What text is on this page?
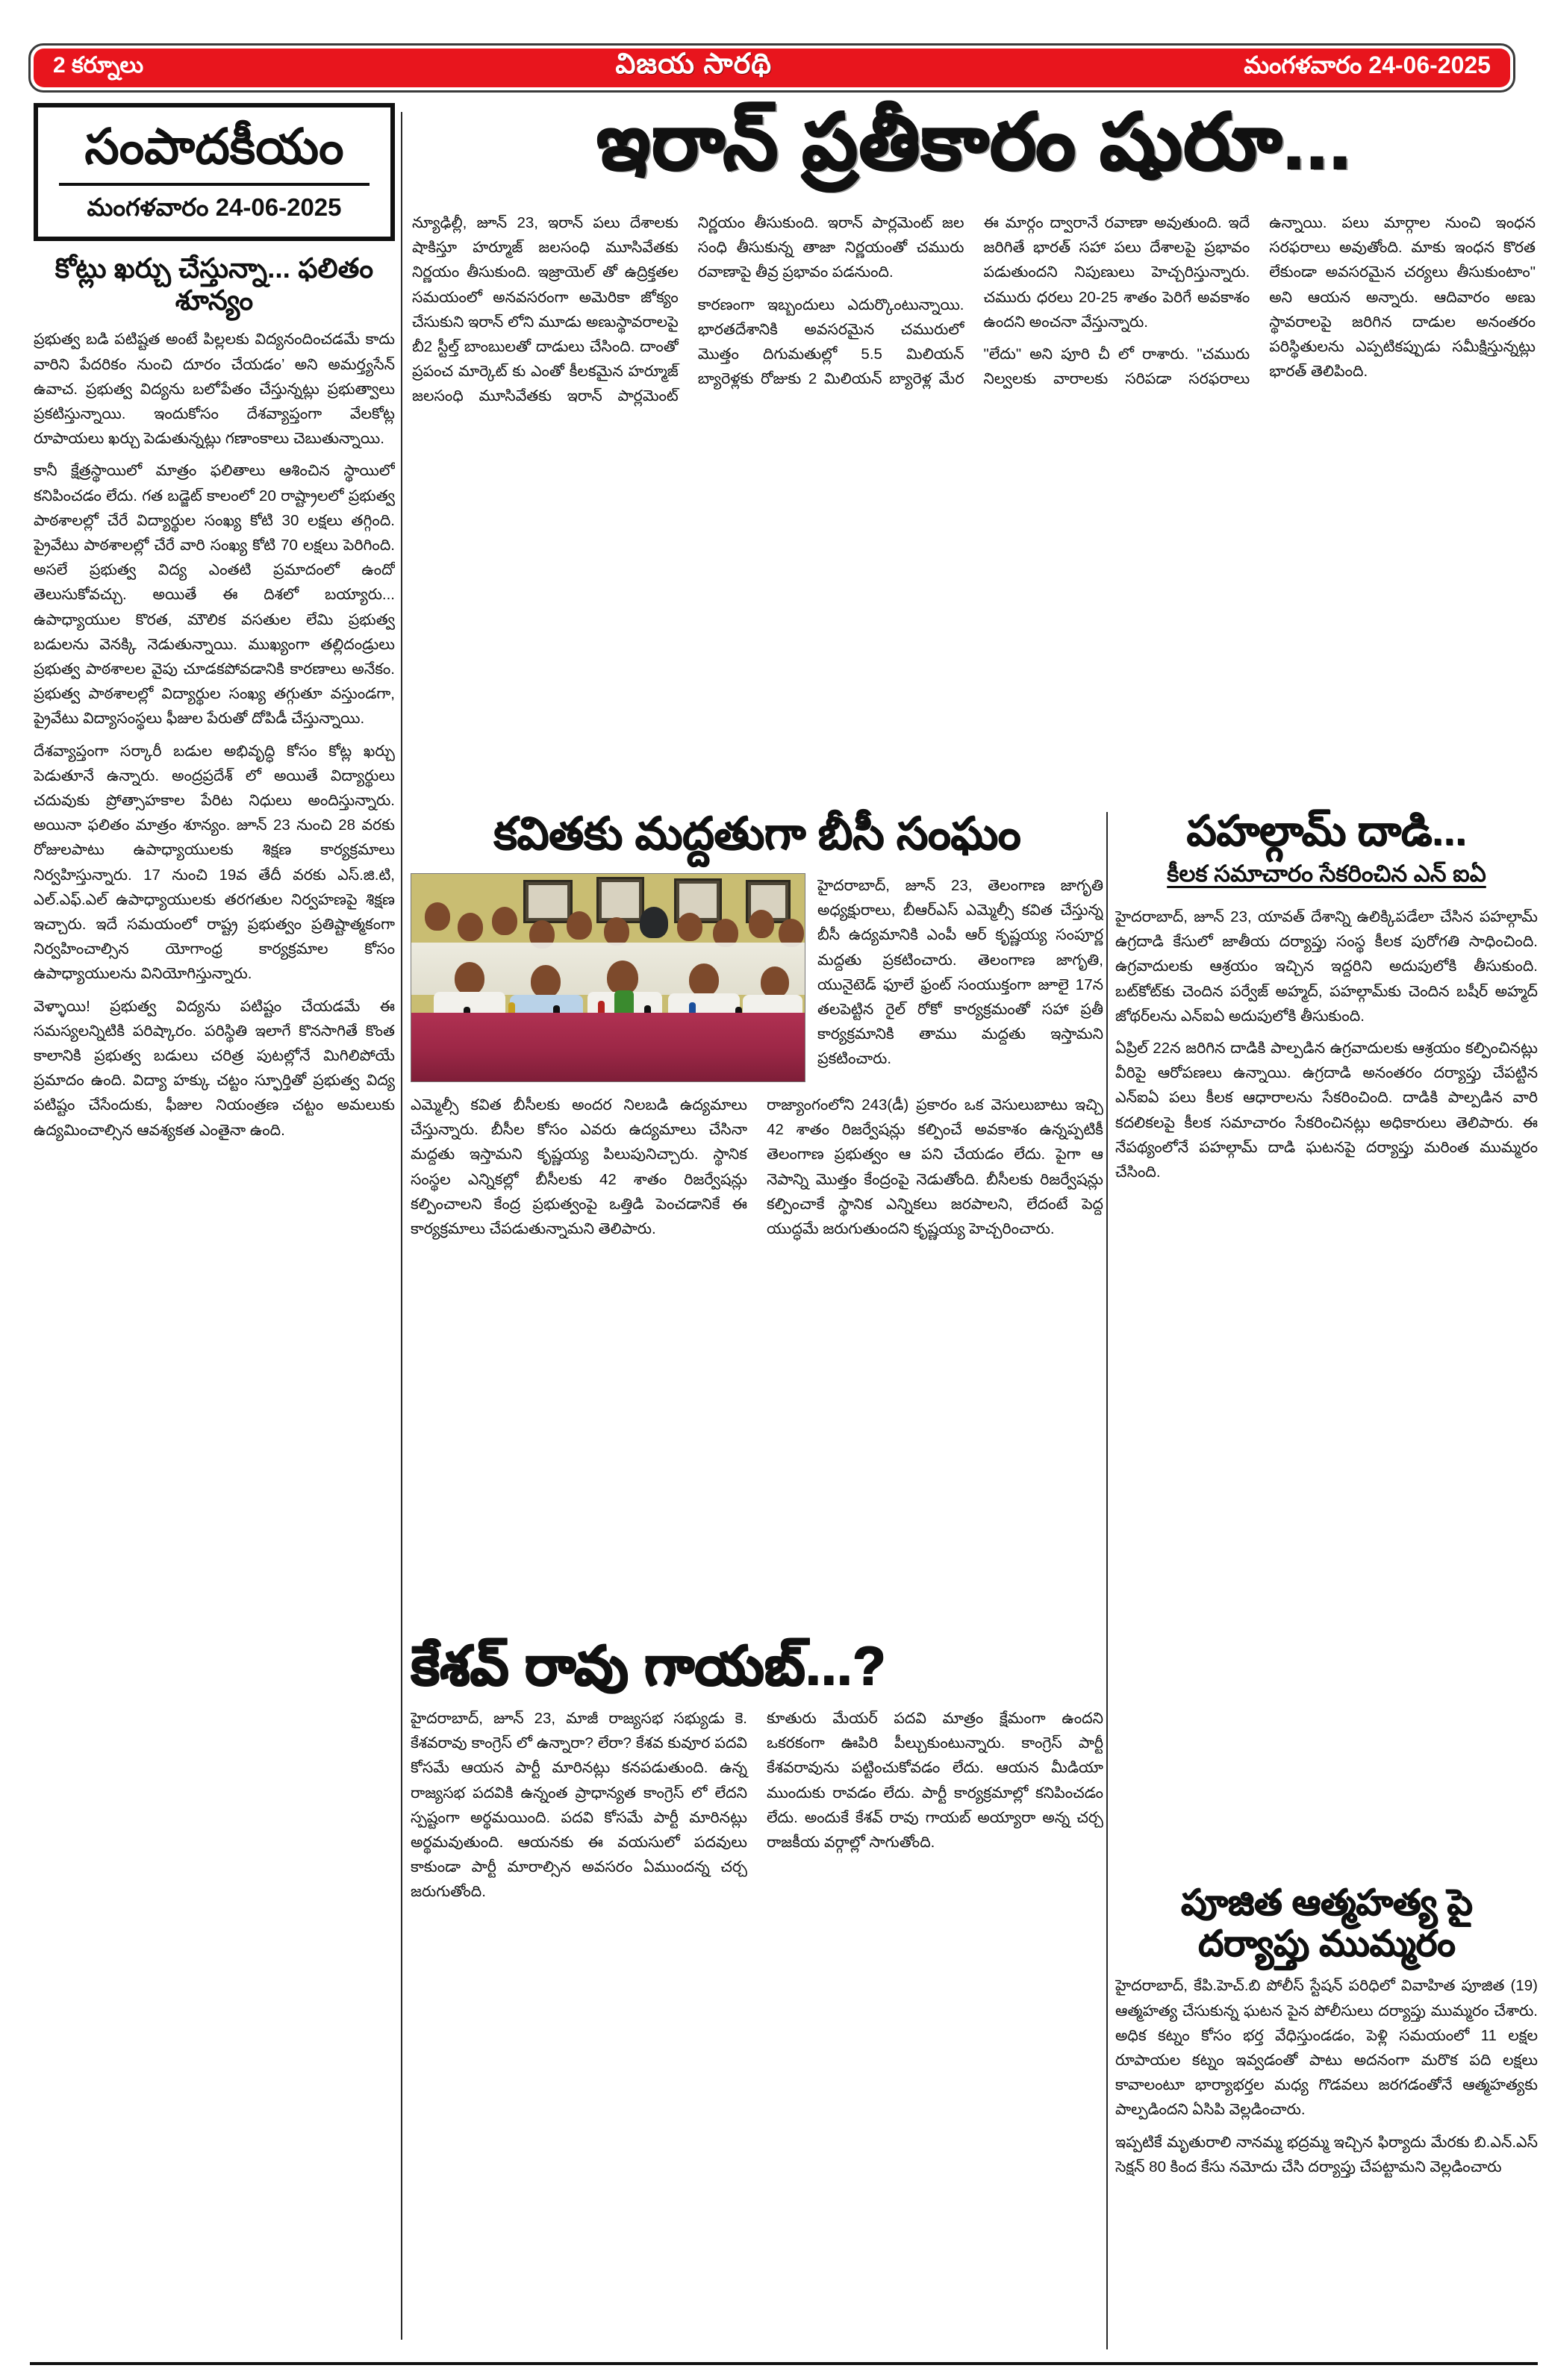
2 కర్నూలు	విజయ సారథి	మంగళవారం 24-06-2025
సంపాదకీయం
మంగళవారం 24-06-2025
కోట్లు ఖర్చు చేస్తున్నా... ఫలితం శూన్యం

ప్రభుత్వ బడి పటిష్టత అంటే పిల్లలకు విద్యనందించడమే కాదు వారిని పేదరికం నుంచి దూరం చేయడం’ అని అమర్త్యసేన్ ఉవాచ. ప్రభుత్వ విద్యను బలోపేతం చేస్తున్నట్లు ప్రభుత్వాలు ప్రకటిస్తున్నాయి. ఇందుకోసం దేశవ్యాప్తంగా వేలకోట్ల రూపాయలు ఖర్చు పెడుతున్నట్లు గణాంకాలు చెబుతున్నాయి.

కానీ క్షేత్రస్థాయిలో మాత్రం ఫలితాలు ఆశించిన స్థాయిలో కనిపించడం లేదు. గత బడ్జెట్ కాలంలో 20 రాష్ట్రాలలో ప్రభుత్వ పాఠశాలల్లో చేరే విద్యార్థుల సంఖ్య కోటి 30 లక్షలు తగ్గింది. ప్రైవేటు పాఠశాలల్లో చేరే వారి సంఖ్య కోటి 70 లక్షలు పెరిగింది. అసలే ప్రభుత్వ విద్య ఎంతటి ప్రమాదంలో ఉందో తెలుసుకోవచ్చు. అయితే ఈ దిశలో బయ్యారు... ఉపాధ్యాయుల కొరత, మౌలిక వసతుల లేమి ప్రభుత్వ బడులను వెనక్కి నెడుతున్నాయి. ముఖ్యంగా తల్లిదండ్రులు ప్రభుత్వ పాఠశాలల వైపు చూడకపోవడానికి కారణాలు అనేకం. ప్రభుత్వ పాఠశాలల్లో విద్యార్థుల సంఖ్య తగ్గుతూ వస్తుండగా, ప్రైవేటు విద్యాసంస్థలు ఫీజుల పేరుతో దోపిడీ చేస్తున్నాయి.

దేశవ్యాప్తంగా సర్కారీ బడుల అభివృద్ధి కోసం కోట్ల ఖర్చు పెడుతూనే ఉన్నారు. అంద్రప్రదేశ్ లో అయితే విద్యార్థులు చదువుకు ప్రోత్సాహకాల పేరిట నిధులు అందిస్తున్నారు. అయినా ఫలితం మాత్రం శూన్యం. జూన్ 23 నుంచి 28 వరకు రోజులపాటు ఉపాధ్యాయులకు శిక్షణ కార్యక్రమాలు నిర్వహిస్తున్నారు. 17 నుంచి 19వ తేదీ వరకు ఎస్.జి.టి, ఎల్.ఎఫ్.ఎల్ ఉపాధ్యాయులకు తరగతుల నిర్వహణపై శిక్షణ ఇచ్చారు. ఇదే సమయంలో రాష్ట్ర ప్రభుత్వం ప్రతిష్టాత్మకంగా నిర్వహించాల్సిన యోగాంధ్ర కార్యక్రమాల కోసం ఉపాధ్యాయులను వినియోగిస్తున్నారు.

వెళ్ళాయి! ప్రభుత్వ విద్యను పటిష్టం చేయడమే ఈ సమస్యలన్నిటికి పరిష్కారం. పరిస్థితి ఇలాగే కొనసాగితే కొంత కాలానికి ప్రభుత్వ బడులు చరిత్ర పుటల్లోనే మిగిలిపోయే ప్రమాదం ఉంది. విద్యా హక్కు చట్టం స్ఫూర్తితో ప్రభుత్వ విద్య పటిష్టం చేసేందుకు, ఫీజుల నియంత్రణ చట్టం అమలుకు ఉద్యమించాల్సిన ఆవశ్యకత ఎంతైనా ఉంది.

ఇరాన్ ప్రతీకారం షురూ...

న్యూఢిల్లీ, జూన్ 23, ఇరాన్ పలు దేశాలకు షాకిస్తూ హర్మూజ్ జలసంధి మూసివేతకు నిర్ణయం తీసుకుంది. ఇజ్రాయెల్ తో ఉద్రిక్తతల సమయంలో అనవసరంగా అమెరికా జోక్యం చేసుకుని ఇరాన్ లోని మూడు అణుస్థావరాలపై బీ2 స్టీల్త్ బాంబులతో దాడులు చేసింది. దాంతో ప్రపంచ మార్కెట్ కు ఎంతో కీలకమైన హర్మూజ్ జలసంధి మూసివేతకు ఇరాన్ పార్లమెంట్ నిర్ణయం తీసుకుంది. ఇరాన్ పార్లమెంట్ జల సంధి తీసుకున్న తాజా నిర్ణయంతో చమురు రవాణాపై తీవ్ర ప్రభావం పడనుంది.

కారణంగా ఇబ్బందులు ఎదుర్కొంటున్నాయి. భారతదేశానికి అవసరమైన చమురులో మొత్తం దిగుమతుల్లో 5.5 మిలియన్ బ్యారెళ్లకు రోజుకు 2 మిలియన్ బ్యారెళ్ల మేర ఈ మార్గం ద్వారానే రవాణా అవుతుంది. ఇదే జరిగితే భారత్ సహా పలు దేశాలపై ప్రభావం పడుతుందని నిపుణులు హెచ్చరిస్తున్నారు. చమురు ధరలు 20-25 శాతం పెరిగే అవకాశం ఉందని అంచనా వేస్తున్నారు.

"లేదు" అని పూరి చీ లో రాశారు. "చమురు నిల్వలకు వారాలకు సరిపడా సరఫరాలు ఉన్నాయి. పలు మార్గాల నుంచి ఇంధన సరఫరాలు అవుతోంది. మాకు ఇంధన కొరత లేకుండా అవసరమైన చర్యలు తీసుకుంటాం" అని ఆయన అన్నారు. ఆదివారం అణు స్థావరాలపై జరిగిన దాడుల అనంతరం పరిస్థితులను ఎప్పటికప్పుడు సమీక్షిస్తున్నట్లు భారత్ తెలిపింది.

కవితకు మద్దతుగా బీసీ సంఘం

హైదరాబాద్, జూన్ 23, తెలంగాణ జాగృతి అధ్యక్షురాలు, బీఆర్ఎస్ ఎమ్మెల్సీ కవిత చేస్తున్న బీసీ ఉద్యమానికి ఎంపీ ఆర్ కృష్ణయ్య సంపూర్ణ మద్దతు ప్రకటించారు. తెలంగాణ జాగృతి, యునైటెడ్ ఫూలే ఫ్రంట్ సంయుక్తంగా జూలై 17న తలపెట్టిన రైల్ రోకో కార్యక్రమంతో సహా ప్రతీ కార్యక్రమానికి తాము మద్దతు ఇస్తామని ప్రకటించారు.

ఎమ్మెల్సీ కవిత బీసీలకు అందర నిలబడి ఉద్యమాలు చేస్తున్నారు. బీసీల కోసం ఎవరు ఉద్యమాలు చేసినా మద్దతు ఇస్తామని కృష్ణయ్య పిలుపునిచ్చారు. స్థానిక సంస్థల ఎన్నికల్లో బీసీలకు 42 శాతం రిజర్వేషన్లు కల్పించాలని కేంద్ర ప్రభుత్వంపై ఒత్తిడి పెంచడానికే ఈ కార్యక్రమాలు చేపడుతున్నామని తెలిపారు.

రాజ్యాంగంలోని 243(డీ) ప్రకారం ఒక వెసులుబాటు ఇచ్చి 42 శాతం రిజర్వేషన్లు కల్పించే అవకాశం ఉన్నప్పటికీ తెలంగాణ ప్రభుత్వం ఆ పని చేయడం లేదు. పైగా ఆ నెపాన్ని మొత్తం కేంద్రంపై నెడుతోంది. బీసీలకు రిజర్వేషన్లు కల్పించాకే స్థానిక ఎన్నికలు జరపాలని, లేదంటే పెద్ద యుద్ధమే జరుగుతుందని కృష్ణయ్య హెచ్చరించారు.

కేశవ్ రావు గాయబ్...?

హైదరాబాద్, జూన్ 23, మాజీ రాజ్యసభ సభ్యుడు కె. కేశవరావు కాంగ్రెస్ లో ఉన్నారా? లేరా? కేశవ కువూర పదవి కోసమే ఆయన పార్టీ మారినట్లు కనపడుతుంది. ఉన్న రాజ్యసభ పదవికి ఉన్నంత ప్రాధాన్యత కాంగ్రెస్ లో లేదని స్పష్టంగా అర్థమయింది. పదవి కోసమే పార్టీ మారినట్లు అర్థమవుతుంది. ఆయనకు ఈ వయసులో పదవులు కాకుండా పార్టీ మారాల్సిన అవసరం ఏముందన్న చర్చ జరుగుతోంది.

కూతురు మేయర్ పదవి మాత్రం క్షేమంగా ఉందని ఒకరకంగా ఊపిరి పీల్చుకుంటున్నారు. కాంగ్రెస్ పార్టీ కేశవరావును పట్టించుకోవడం లేదు. ఆయన మీడియా ముందుకు రావడం లేదు. పార్టీ కార్యక్రమాల్లో కనిపించడం లేదు. అందుకే కేశవ్ రావు గాయబ్ అయ్యారా అన్న చర్చ రాజకీయ వర్గాల్లో సాగుతోంది.

పహల్గామ్ దాడి...
కీలక సమాచారం సేకరించిన ఎన్ ఐఏ

హైదరాబాద్, జూన్ 23, యావత్ దేశాన్ని ఉలిక్కిపడేలా చేసిన పహల్గామ్ ఉగ్రదాడి కేసులో జాతీయ దర్యాప్తు సంస్థ కీలక పురోగతి సాధించింది. ఉగ్రవాదులకు ఆశ్రయం ఇచ్చిన ఇద్దరిని అదుపులోకి తీసుకుంది. బట్‌కోట్‌కు చెందిన పర్వేజ్ అహ్మద్, పహల్గామ్‌కు చెందిన బషీర్ అహ్మద్ జోథర్‌లను ఎన్ఐఏ అదుపులోకి తీసుకుంది.

ఏప్రిల్ 22న జరిగిన దాడికి పాల్పడిన ఉగ్రవాదులకు ఆశ్రయం కల్పించినట్లు వీరిపై ఆరోపణలు ఉన్నాయి. ఉగ్రదాడి అనంతరం దర్యాప్తు చేపట్టిన ఎన్ఐఏ పలు కీలక ఆధారాలను సేకరించింది. దాడికి పాల్పడిన వారి కదలికలపై కీలక సమాచారం సేకరించినట్లు అధికారులు తెలిపారు. ఈ నేపథ్యంలోనే పహల్గామ్ దాడి ఘటనపై దర్యాప్తు మరింత ముమ్మరం చేసింది.

పూజిత ఆత్మహత్య పై
దర్యాప్తు ముమ్మరం

హైదరాబాద్, కేపి.హెచ్.బి పోలీస్ స్టేషన్ పరిధిలో వివాహిత పూజిత (19) ఆత్మహత్య చేసుకున్న ఘటన పైన పోలీసులు దర్యాప్తు ముమ్మరం చేశారు. అధిక కట్నం కోసం భర్త వేధిస్తుండడం, పెళ్లి సమయంలో 11 లక్షల రూపాయల కట్నం ఇవ్వడంతో పాటు అదనంగా మరొక పది లక్షలు కావాలంటూ భార్యాభర్తల మధ్య గొడవలు జరగడంతోనే ఆత్మహత్యకు పాల్పడిందని ఏసిపి వెల్లడించారు.

ఇప్పటికే మృతురాలి నానమ్మ భద్రమ్మ ఇచ్చిన ఫిర్యాదు మేరకు బి.ఎన్.ఎస్ సెక్షన్ 80 కింద కేసు నమోదు చేసి దర్యాప్తు చేపట్టామని వెల్లడించారు
